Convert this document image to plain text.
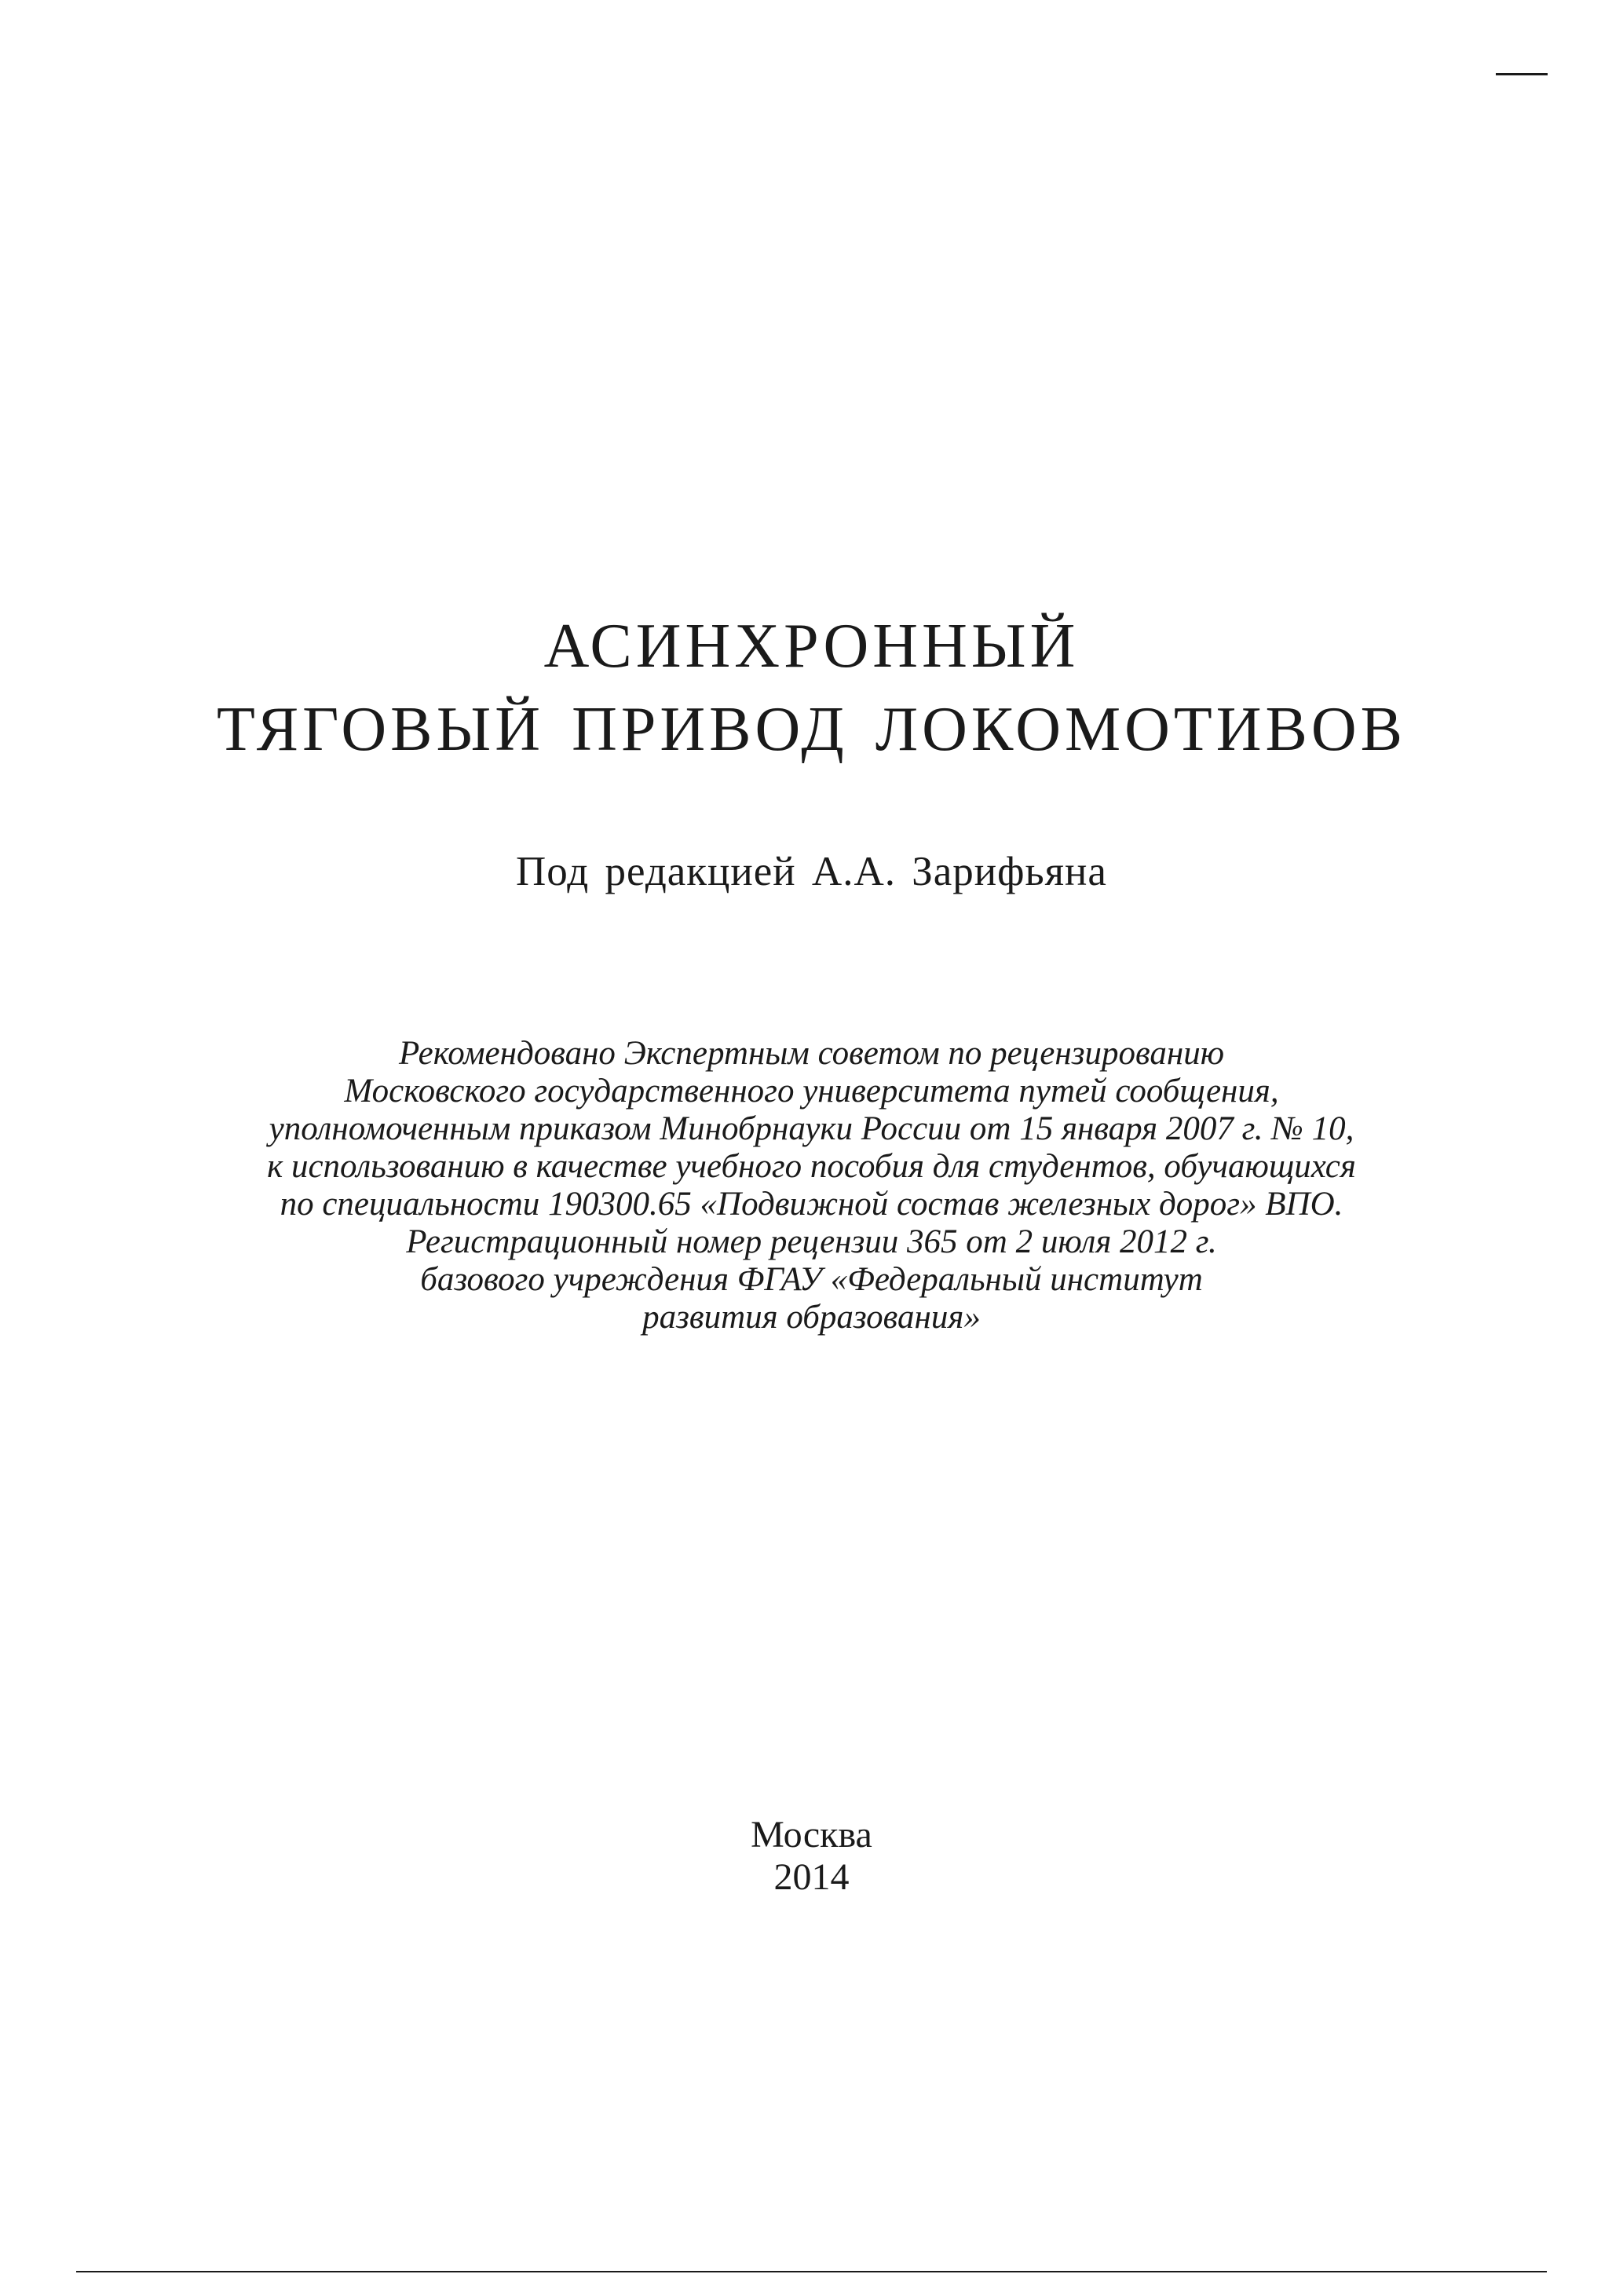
АСИНХРОННЫЙ
ТЯГОВЫЙ ПРИВОД ЛОКОМОТИВОВ
Под редакцией А.А. Зарифьяна
Рекомендовано Экспертным советом по рецензированию
Московского государственного университета путей сообщения,
уполномоченным приказом Минобрнауки России от 15 января 2007 г. № 10,
к использованию в качестве учебного пособия для студентов, обучающихся
по специальности 190300.65 «Подвижной состав железных дорог» ВПО.
Регистрационный номер рецензии 365 от 2 июля 2012 г.
базового учреждения ФГАУ «Федеральный институт
развития образования»
Москва
2014
